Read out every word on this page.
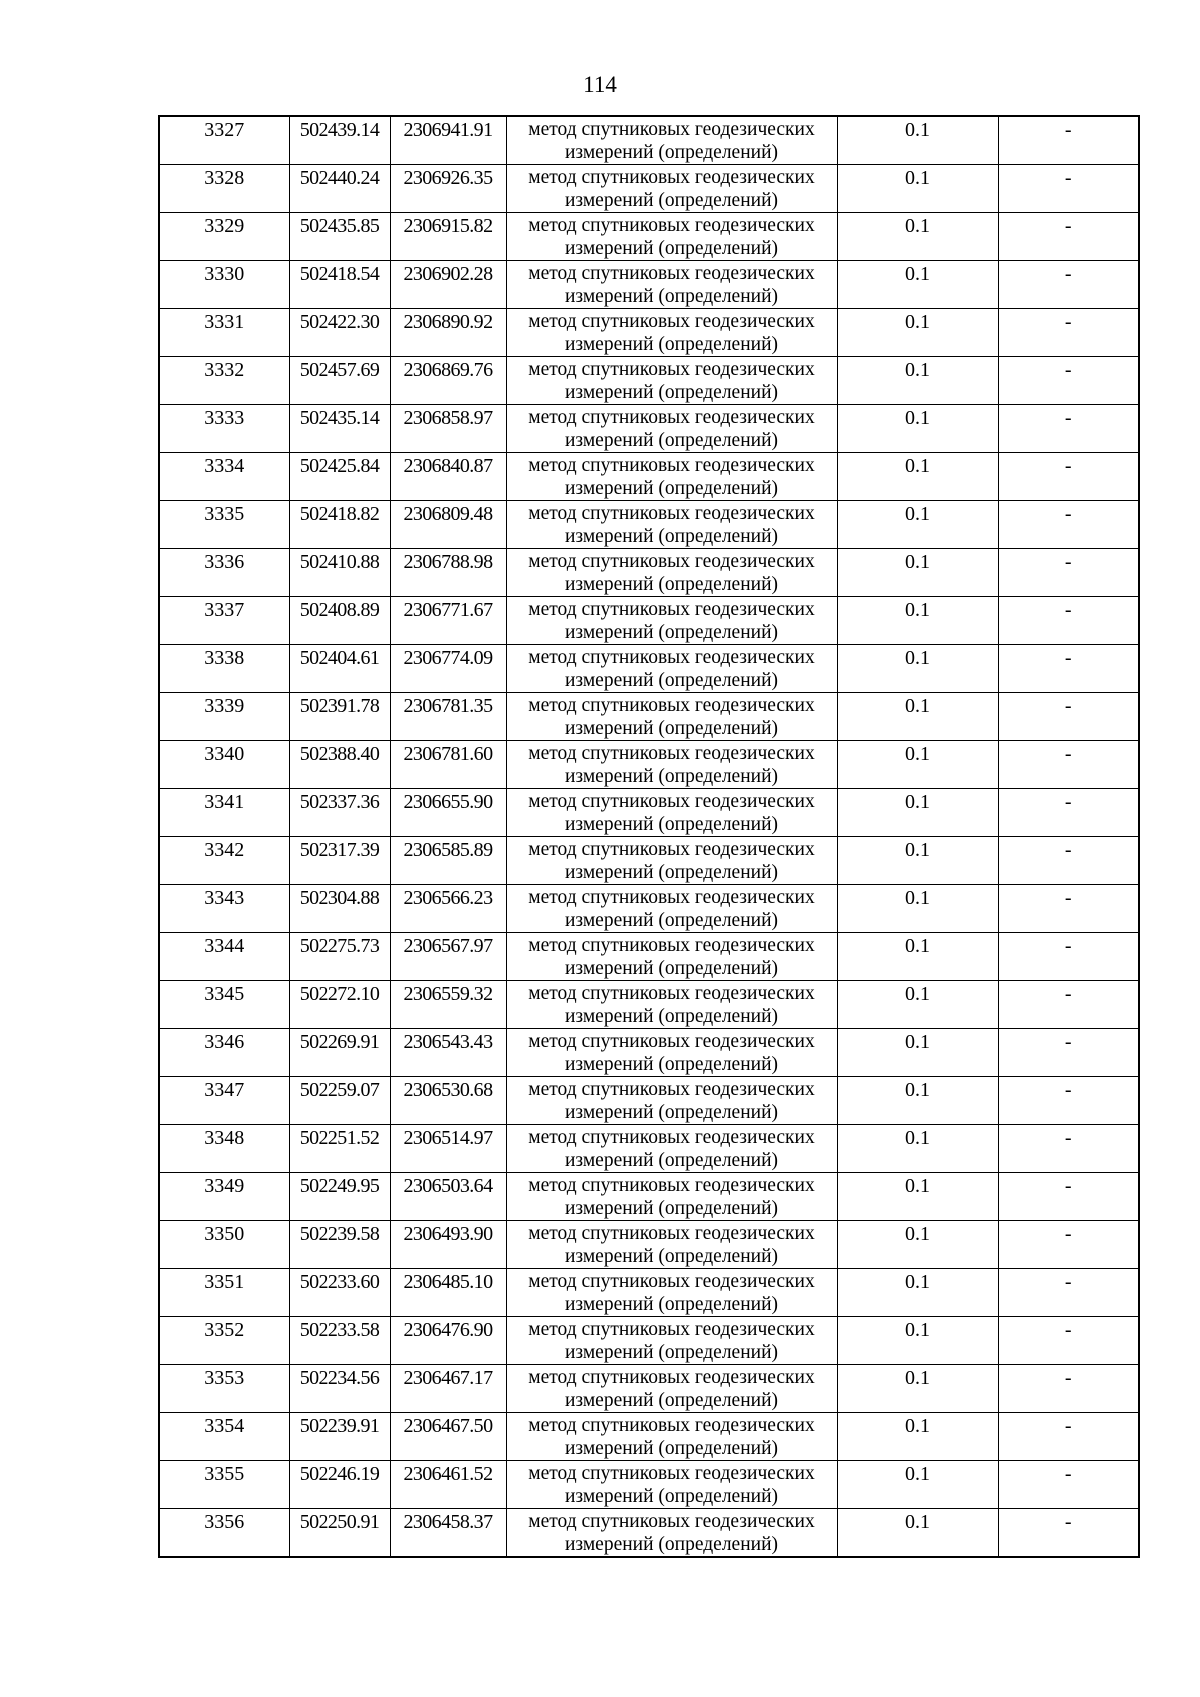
114
3327	502439.14	2306941.91	метод спутниковых геодезических
измерений (определений)	0.1	-
3328	502440.24	2306926.35	метод спутниковых геодезических
измерений (определений)	0.1	-
3329	502435.85	2306915.82	метод спутниковых геодезических
измерений (определений)	0.1	-
3330	502418.54	2306902.28	метод спутниковых геодезических
измерений (определений)	0.1	-
3331	502422.30	2306890.92	метод спутниковых геодезических
измерений (определений)	0.1	-
3332	502457.69	2306869.76	метод спутниковых геодезических
измерений (определений)	0.1	-
3333	502435.14	2306858.97	метод спутниковых геодезических
измерений (определений)	0.1	-
3334	502425.84	2306840.87	метод спутниковых геодезических
измерений (определений)	0.1	-
3335	502418.82	2306809.48	метод спутниковых геодезических
измерений (определений)	0.1	-
3336	502410.88	2306788.98	метод спутниковых геодезических
измерений (определений)	0.1	-
3337	502408.89	2306771.67	метод спутниковых геодезических
измерений (определений)	0.1	-
3338	502404.61	2306774.09	метод спутниковых геодезических
измерений (определений)	0.1	-
3339	502391.78	2306781.35	метод спутниковых геодезических
измерений (определений)	0.1	-
3340	502388.40	2306781.60	метод спутниковых геодезических
измерений (определений)	0.1	-
3341	502337.36	2306655.90	метод спутниковых геодезических
измерений (определений)	0.1	-
3342	502317.39	2306585.89	метод спутниковых геодезических
измерений (определений)	0.1	-
3343	502304.88	2306566.23	метод спутниковых геодезических
измерений (определений)	0.1	-
3344	502275.73	2306567.97	метод спутниковых геодезических
измерений (определений)	0.1	-
3345	502272.10	2306559.32	метод спутниковых геодезических
измерений (определений)	0.1	-
3346	502269.91	2306543.43	метод спутниковых геодезических
измерений (определений)	0.1	-
3347	502259.07	2306530.68	метод спутниковых геодезических
измерений (определений)	0.1	-
3348	502251.52	2306514.97	метод спутниковых геодезических
измерений (определений)	0.1	-
3349	502249.95	2306503.64	метод спутниковых геодезических
измерений (определений)	0.1	-
3350	502239.58	2306493.90	метод спутниковых геодезических
измерений (определений)	0.1	-
3351	502233.60	2306485.10	метод спутниковых геодезических
измерений (определений)	0.1	-
3352	502233.58	2306476.90	метод спутниковых геодезических
измерений (определений)	0.1	-
3353	502234.56	2306467.17	метод спутниковых геодезических
измерений (определений)	0.1	-
3354	502239.91	2306467.50	метод спутниковых геодезических
измерений (определений)	0.1	-
3355	502246.19	2306461.52	метод спутниковых геодезических
измерений (определений)	0.1	-
3356	502250.91	2306458.37	метод спутниковых геодезических
измерений (определений)	0.1	-
